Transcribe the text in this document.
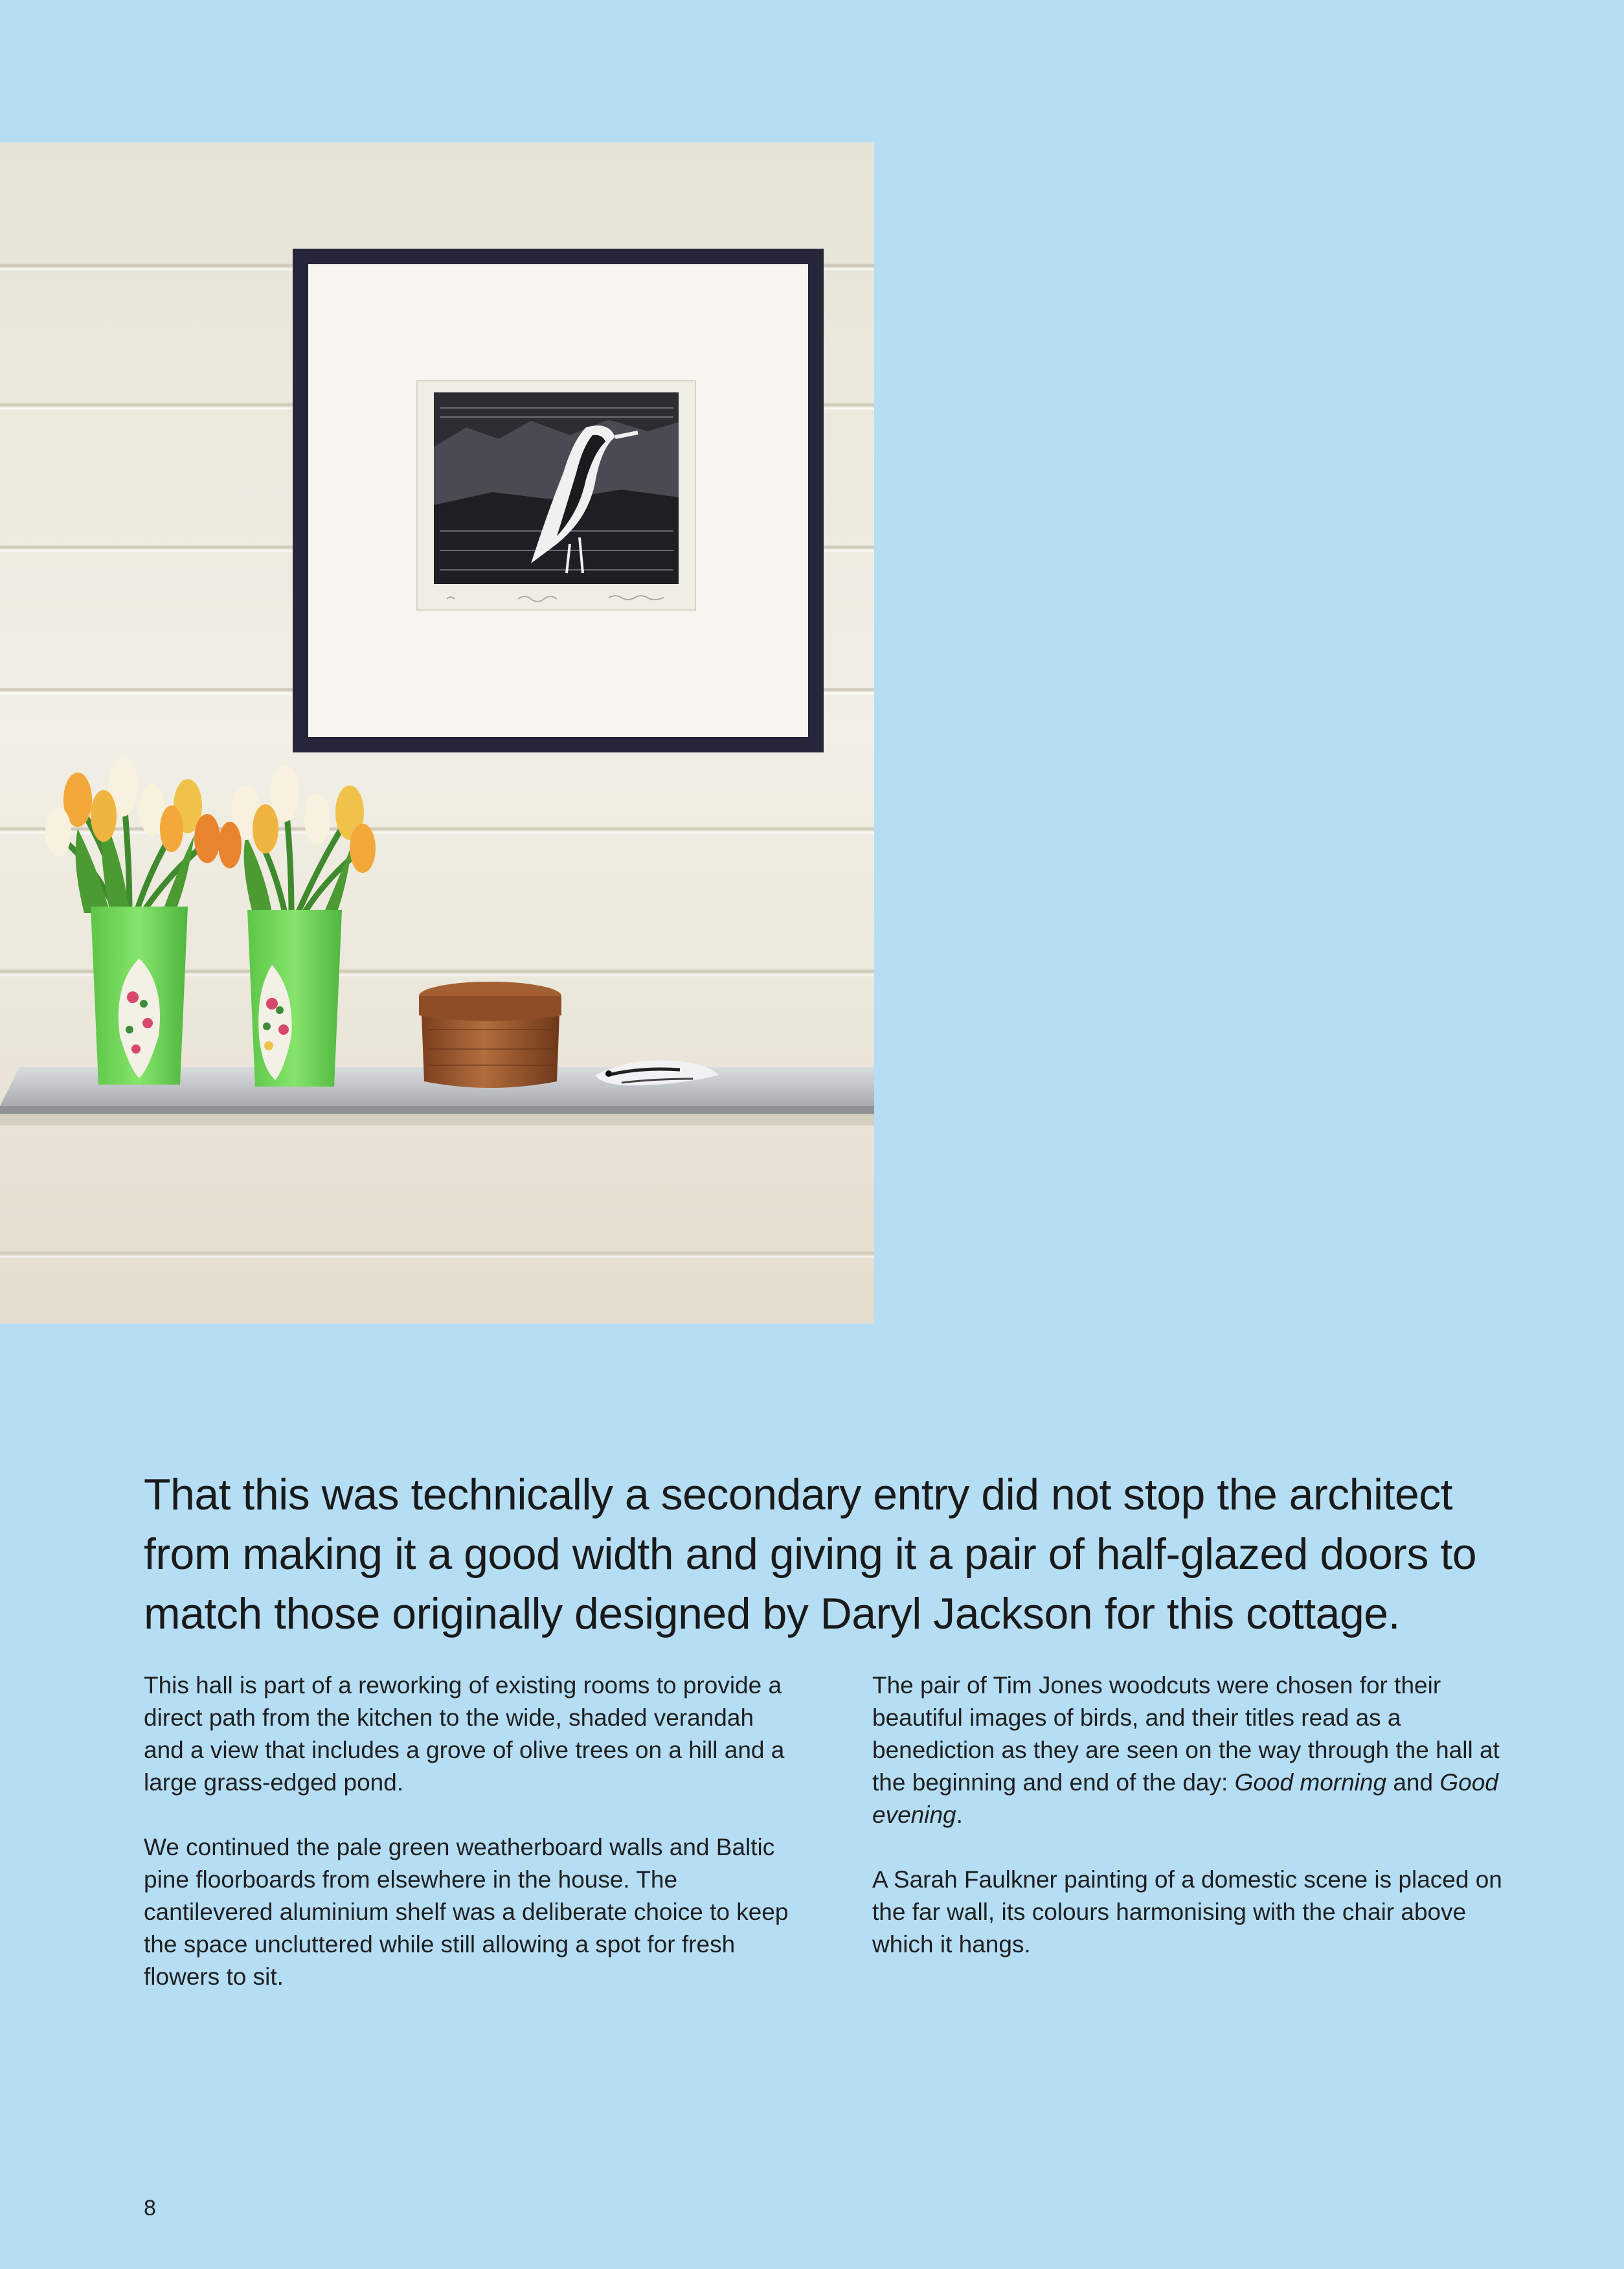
That this was technically a secondary entry did not stop the architect from making it a good width and giving it a pair of half-glazed doors to match those originally designed by Daryl Jackson for this cottage.

This hall is part of a reworking of existing rooms to provide a direct path from the kitchen to the wide, shaded verandah and a view that includes a grove of olive trees on a hill and a large grass-edged pond.

We continued the pale green weatherboard walls and Baltic pine floorboards from elsewhere in the house. The cantilevered aluminium shelf was a deliberate choice to keep the space uncluttered while still allowing a spot for fresh flowers to sit.

The pair of Tim Jones woodcuts were chosen for their beautiful images of birds, and their titles read as a benediction as they are seen on the way through the hall at the beginning and end of the day: Good morning and Good evening.

A Sarah Faulkner painting of a domestic scene is placed on the far wall, its colours harmonising with the chair above which it hangs.

8
